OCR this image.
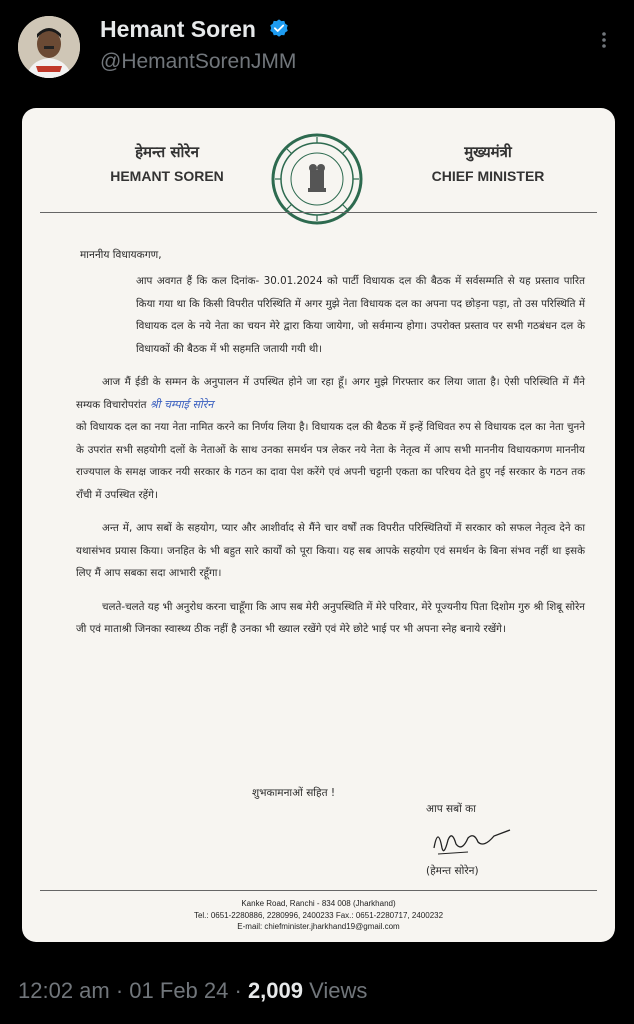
Hemant Soren
@HemantSorenJMM
हेमन्त सोरेन
HEMANT SOREN
मुख्यमंत्री
CHIEF MINISTER
माननीय विधायकगण,

आप अवगत हैं कि कल दिनांक- 30.01.2024 को पार्टी विधायक दल की बैठक में सर्वसम्मति से यह प्रस्ताव पारित किया गया था कि किसी विपरीत परिस्थिति में अगर मुझे नेता विधायक दल का अपना पद छोड़ना पड़ा, तो उस परिस्थिति में विधायक दल के नये नेता का चयन मेरे द्वारा किया जायेगा, जो सर्वमान्य होगा। उपरोक्त प्रस्ताव पर सभी गठबंधन दल के विधायकों की बैठक में भी सहमति जतायी गयी थी।

आज मैं ईडी के सम्मन के अनुपालन में उपस्थित होने जा रहा हूँ। अगर मुझे गिरफ्तार कर लिया जाता है। ऐसी परिस्थिति में मैंने सम्यक विचारोपरांत श्री चम्पाई सोरेन

को विधायक दल का नया नेता नामित करने का निर्णय लिया है। विधायक दल की बैठक में इन्हें विधिवत रुप से विधायक दल का नेता चुनने के उपरांत सभी सहयोगी दलों के नेताओं के साथ उनका समर्थन पत्र लेकर नये नेता के नेतृत्व में आप सभी माननीय विधायकगण माननीय राज्यपाल के समक्ष जाकर नयी सरकार के गठन का दावा पेश करेंगे एवं अपनी चट्टानी एकता का परिचय देते हुए नई सरकार के गठन तक राँची में उपस्थित रहेंगे।

अन्त में, आप सबों के सहयोग, प्यार और आशीर्वाद से मैंने चार वर्षों तक विपरीत परिस्थितियों में सरकार को सफल नेतृत्व देने का यथासंभव प्रयास किया। जनहित के भी बहुत सारे कार्यों को पूरा किया। यह सब आपके सहयोग एवं समर्थन के बिना संभव नहीं था इसके लिए मैं आप सबका सदा आभारी रहूँगा।

चलते-चलते यह भी अनुरोध करना चाहूँगा कि आप सब मेरी अनुपस्थिति में मेरे परिवार, मेरे पूज्यनीय पिता दिशोम गुरु श्री शिबू सोरेन जी एवं माताश्री जिनका स्वास्थ्य ठीक नहीं है उनका भी ख्याल रखेंगे एवं मेरे छोटे भाई पर भी अपना स्नेह बनाये रखेंगे।

शुभकामनाओं सहित !
आप सबों का
(हेमन्त सोरेन)
Kanke Road, Ranchi - 834 008 (Jharkhand)
Tel.: 0651-2280886, 2280996, 2400233 Fax.: 0651-2280717, 2400232
E-mail: chiefminister.jharkhand19@gmail.com
12:02 am · 01 Feb 24 · 2,009 Views
